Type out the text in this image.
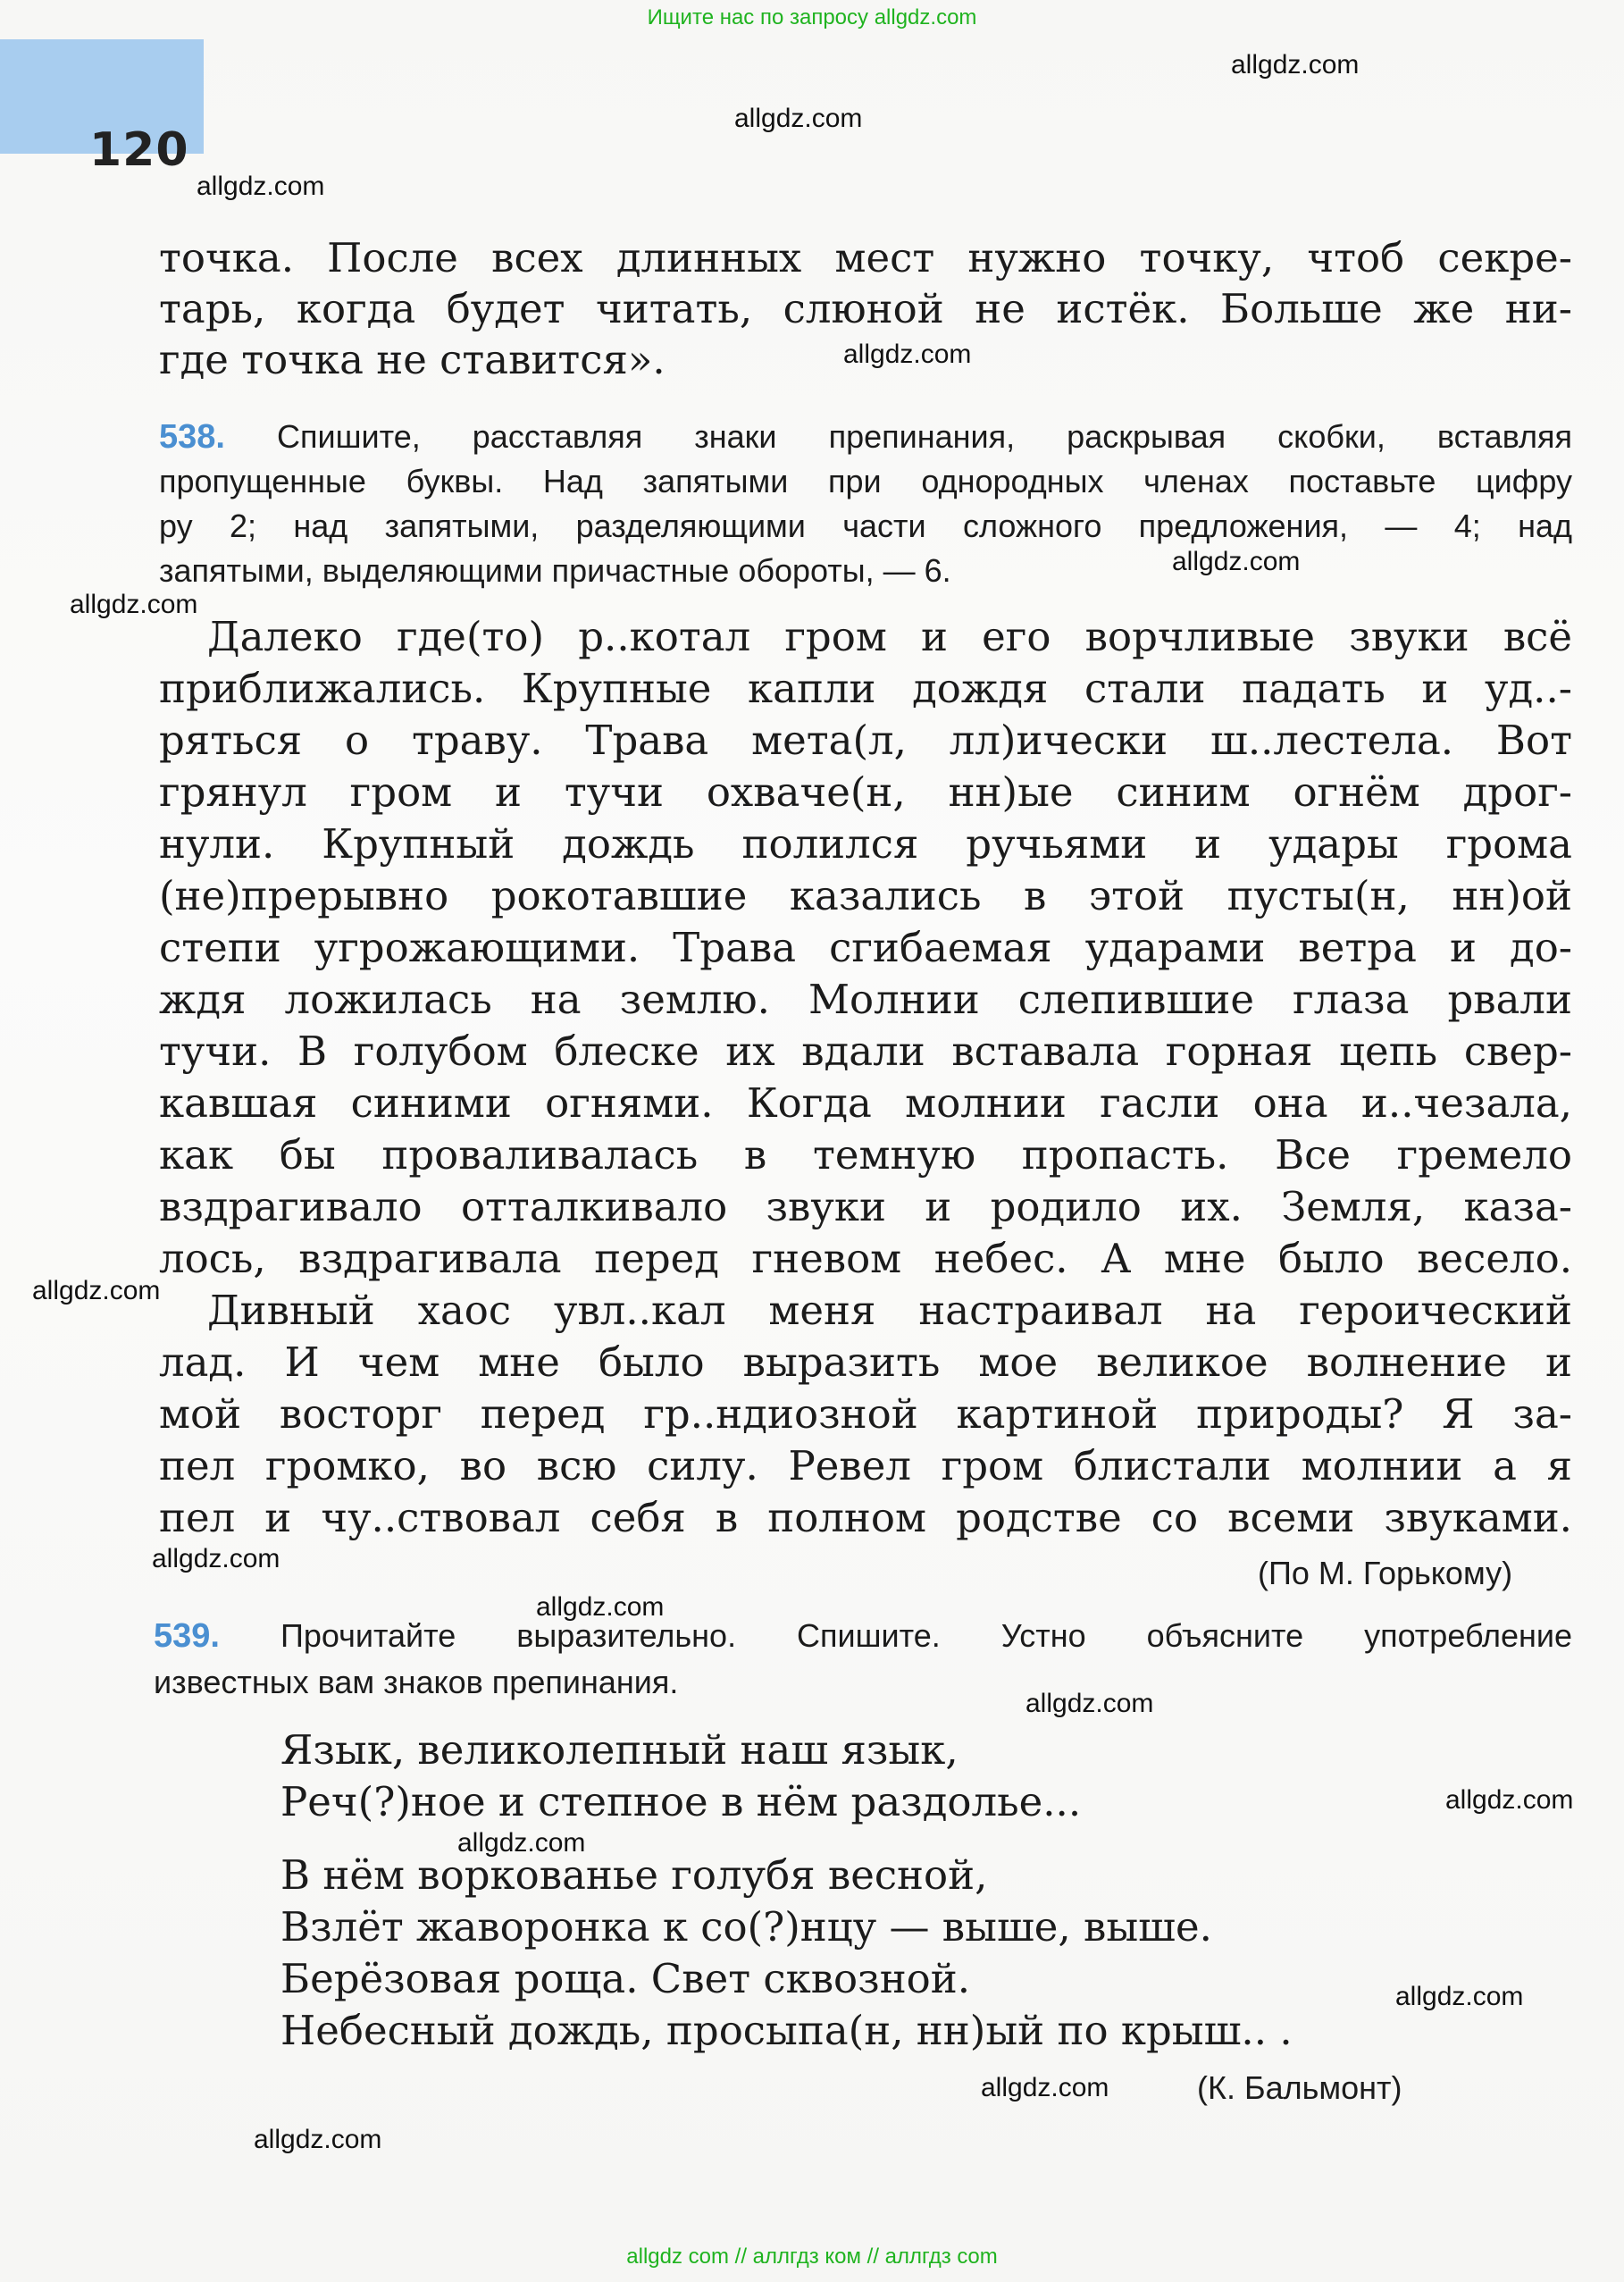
Ищите нас по запросу allgdz.com
120
точка. После всех длинных мест нужно точку, чтоб секре-
тарь, когда будет читать, слюной не истёк. Больше же ни-
где точка не ставится».
538. Спишите, расставляя знаки препинания, раскрывая скобки, вставляя
пропущенные буквы. Над запятыми при однородных членах поставьте цифру
ру 2; над запятыми, разделяющими части сложного предложения, — 4; над
запятыми, выделяющими причастные обороты, — 6.
Далеко где(то) р..котал гром и его ворчливые звуки всё
приближались. Крупные капли дождя стали падать и уд..-
ряться о траву. Трава мета(л, лл)ически ш..лестела. Вот
грянул гром и тучи охваче(н, нн)ые синим огнём дрог-
нули. Крупный дождь полился ручьями и удары грома
(не)прерывно рокотавшие казались в этой пусты(н, нн)ой
степи угрожающими. Трава сгибаемая ударами ветра и до-
ждя ложилась на землю. Молнии слепившие глаза рвали
тучи. В голубом блеске их вдали вставала горная цепь свер-
кавшая синими огнями. Когда молнии гасли она и..чезала,
как бы проваливалась в темную пропасть. Все гремело
вздрагивало отталкивало звуки и родило их. Земля, каза-
лось, вздрагивала перед гневом небес. А мне было весело.
Дивный хаос увл..кал меня настраивал на героический
лад. И чем мне было выразить мое великое волнение и
мой восторг перед гр..ндиозной картиной природы? Я за-
пел громко, во всю силу. Ревел гром блистали молнии а я
пел и чу..ствовал себя в полном родстве со всеми звуками.
(По М. Горькому)
539. Прочитайте выразительно. Спишите. Устно объясните употребление
известных вам знаков препинания.
Язык, великолепный наш язык,
Реч(?)ное и степное в нём раздолье...
В нём воркованье голубя весной,
Взлёт жаворонка к со(?)нцу — выше, выше.
Берёзовая роща. Свет сквозной.
Небесный дождь, просыпа(н, нн)ый по крыш.. .
(К. Бальмонт)
allgdz.com
allgdz.com
allgdz.com
allgdz.com
allgdz.com
allgdz.com
allgdz.com
allgdz.com
allgdz.com
allgdz.com
allgdz.com
allgdz.com
allgdz.com
allgdz.com
allgdz.com
allgdz com // аллгдз ком // аллгдз com
